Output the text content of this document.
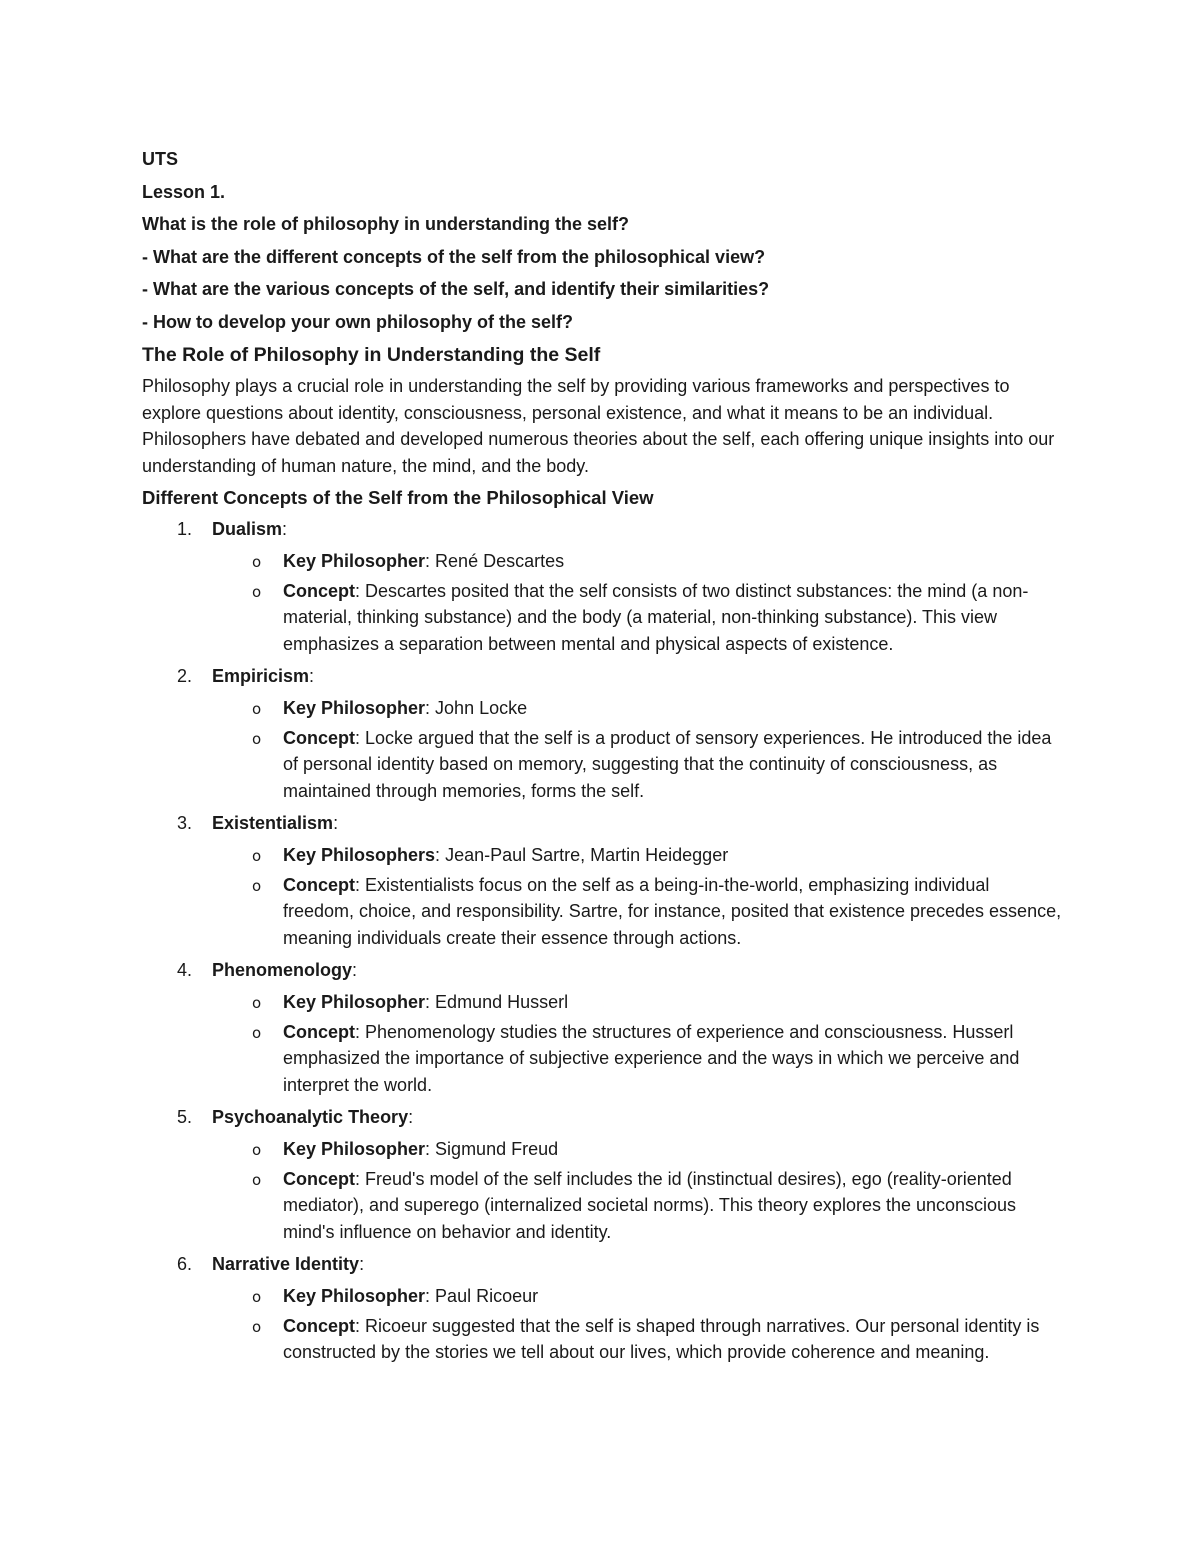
UTS
Lesson 1.
What is the role of philosophy in understanding the self?
- What are the different concepts of the self from the philosophical view?
- What are the various concepts of the self, and identify their similarities?
- How to develop your own philosophy of the self?
The Role of Philosophy in Understanding the Self
Philosophy plays a crucial role in understanding the self by providing various frameworks and perspectives to explore questions about identity, consciousness, personal existence, and what it means to be an individual. Philosophers have debated and developed numerous theories about the self, each offering unique insights into our understanding of human nature, the mind, and the body.
Different Concepts of the Self from the Philosophical View
1. Dualism:
o Key Philosopher: René Descartes
o Concept: Descartes posited that the self consists of two distinct substances: the mind (a non-material, thinking substance) and the body (a material, non-thinking substance). This view emphasizes a separation between mental and physical aspects of existence.
2. Empiricism:
o Key Philosopher: John Locke
o Concept: Locke argued that the self is a product of sensory experiences. He introduced the idea of personal identity based on memory, suggesting that the continuity of consciousness, as maintained through memories, forms the self.
3. Existentialism:
o Key Philosophers: Jean-Paul Sartre, Martin Heidegger
o Concept: Existentialists focus on the self as a being-in-the-world, emphasizing individual freedom, choice, and responsibility. Sartre, for instance, posited that existence precedes essence, meaning individuals create their essence through actions.
4. Phenomenology:
o Key Philosopher: Edmund Husserl
o Concept: Phenomenology studies the structures of experience and consciousness. Husserl emphasized the importance of subjective experience and the ways in which we perceive and interpret the world.
5. Psychoanalytic Theory:
o Key Philosopher: Sigmund Freud
o Concept: Freud's model of the self includes the id (instinctual desires), ego (reality-oriented mediator), and superego (internalized societal norms). This theory explores the unconscious mind's influence on behavior and identity.
6. Narrative Identity:
o Key Philosopher: Paul Ricoeur
o Concept: Ricoeur suggested that the self is shaped through narratives. Our personal identity is constructed by the stories we tell about our lives, which provide coherence and meaning.
